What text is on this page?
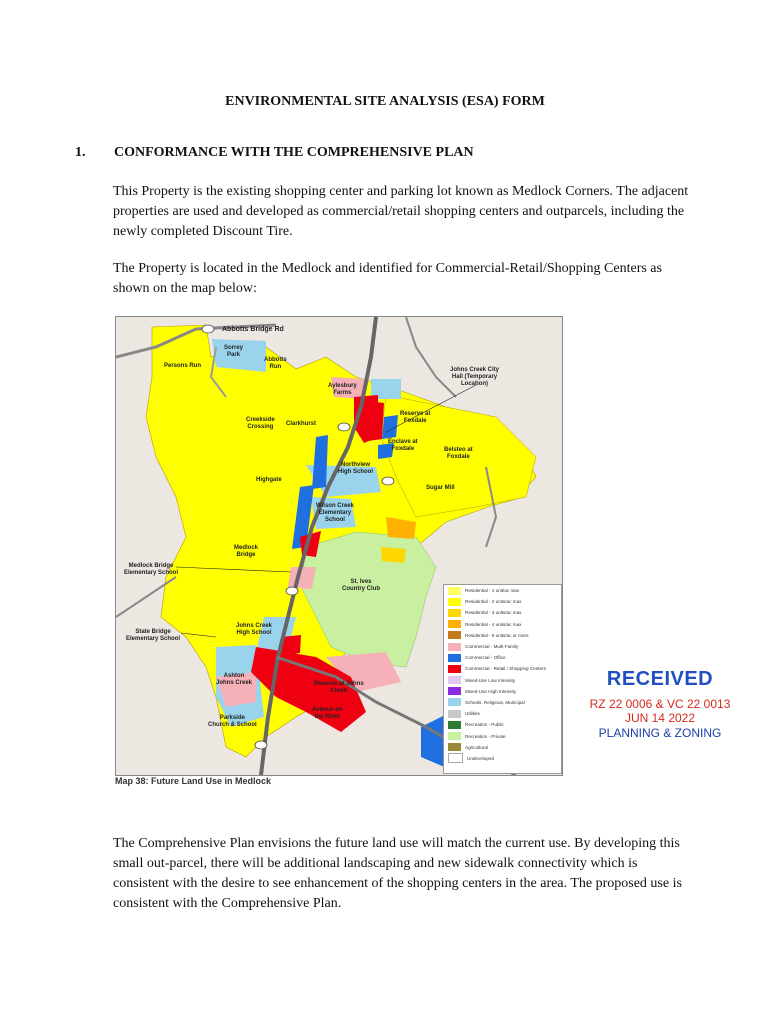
ENVIRONMENTAL SITE ANALYSIS (ESA) FORM
1. CONFORMANCE WITH THE COMPREHENSIVE PLAN
This Property is the existing shopping center and parking lot known as Medlock Corners. The adjacent properties are used and developed as commercial/retail shopping centers and outparcels, including the newly completed Discount Tire.
The Property is located in the Medlock and identified for Commercial-Retail/Shopping Centers as shown on the map below:
Abbotts Bridge Rd
Sorrey
Park
Persons Run
Abbotts
Run
Aylesbury
Farms
Johns Creek City
Hall (Temporary
Location)
Reserve at
Foxdale
Creekside
Crossing Clarkhurst
Enclave at
Foxdale	Belsteo at
Foxdale
Northview
High School
Highgate
Sugar Mill
Wilson Creek
Elementary
School
Medlock
Bridge
Medlock Bridge
Elementary School
St. Ives
Country Club
State Bridge
Elementary School
Johns Creek
High School
Ashton
Johns Creek	Reserve at Johns
Creek
Parkside
Church & School
Avenue on
the River
Residential - 1 unit/ac max
Residential - 2 units/ac max
Residential - 3 units/ac max
Residential - 4 units/ac max
Residential - 5 units/ac or more
Commercial - Multi-Family
Commercial - Office
Commercial - Retail / Shopping Centers
Mixed-Use Low Intensity
Mixed-Use High Intensity
Schools, Religious, Municipal
Utilities
Recreation - Public
Recreation - Private
Agricultural
Undeveloped
Map 38: Future Land Use in Medlock
RECEIVED
RZ 22 0006 & VC 22 0013
JUN 14 2022
PLANNING & ZONING
The Comprehensive Plan envisions the future land use will match the current use. By developing this small out-parcel, there will be additional landscaping and new sidewalk connectivity which is consistent with the desire to see enhancement of the shopping centers in the area. The proposed use is consistent with the Comprehensive Plan.
